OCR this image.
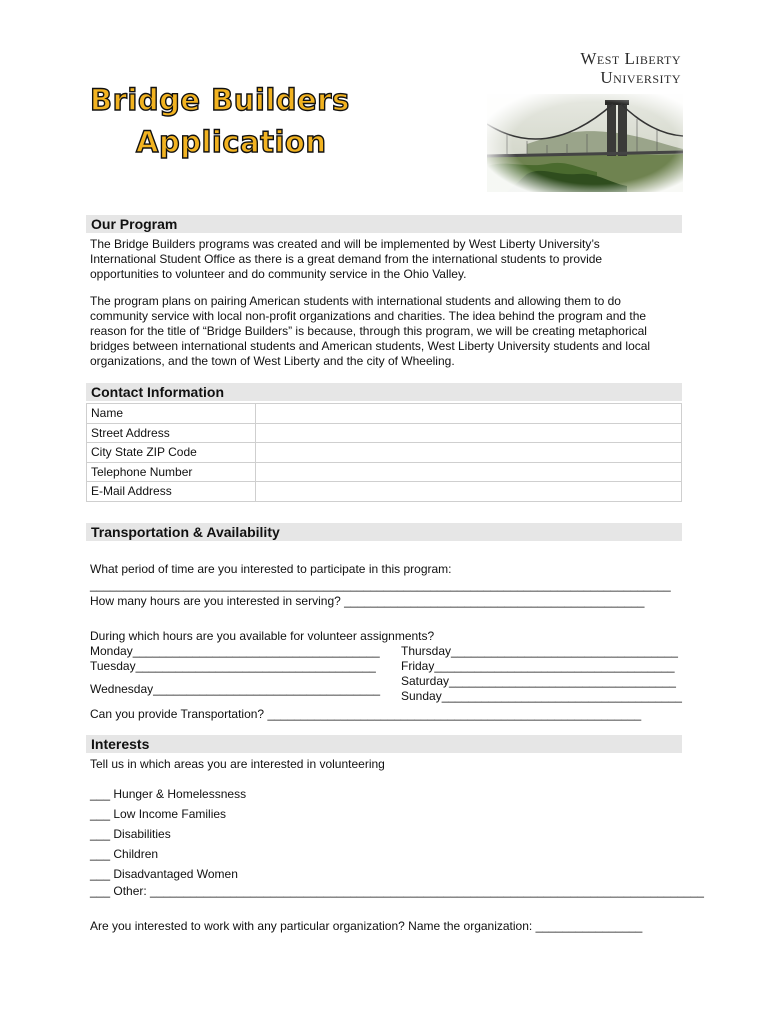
Bridge Builders
Application
West Liberty
University
Our Program
The Bridge Builders programs was created and will be implemented by West Liberty University’s
International Student Office as there is a great demand from the international students to provide
opportunities to volunteer and do community service in the Ohio Valley.
The program plans on pairing American students with international students and allowing them to do
community service with local non-profit organizations and charities. The idea behind the program and the
reason for the title of “Bridge Builders” is because, through this program, we will be creating metaphorical
bridges between international students and American students, West Liberty University students and local
organizations, and the town of West Liberty and the city of Wheeling.
Contact Information
Name	
Street Address	
City State ZIP Code	
Telephone Number	
E-Mail Address	
Transportation & Availability
What period of time are you interested to participate in this program:
_______________________________________________________________________________________
How many hours are you interested in serving? _____________________________________________
During which hours are you available for volunteer assignments?
Monday_____________________________________
Tuesday____________________________________
Wednesday__________________________________
Thursday__________________________________
Friday____________________________________
Saturday__________________________________
Sunday____________________________________
Can you provide Transportation? ________________________________________________________
Interests
Tell us in which areas you are interested in volunteering
___ Hunger & Homelessness
___ Low Income Families
___ Disabilities
___ Children
___ Disadvantaged Women
___ Other: ___________________________________________________________________________________
Are you interested to work with any particular organization? Name the organization: ________________
